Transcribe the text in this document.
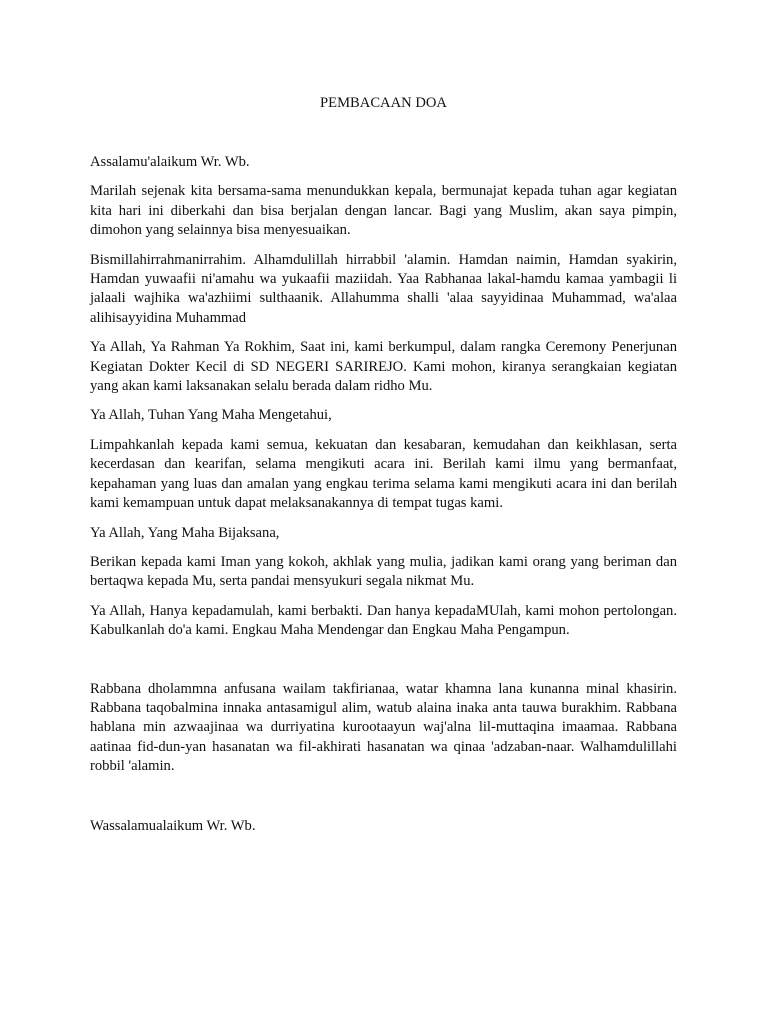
PEMBACAAN DOA

Assalamu'alaikum Wr. Wb.

Marilah sejenak kita bersama-sama menundukkan kepala, bermunajat kepada tuhan agar kegiatan kita hari ini diberkahi dan bisa berjalan dengan lancar. Bagi yang Muslim, akan saya pimpin, dimohon yang selainnya bisa menyesuaikan.

Bismillahirrahmanirrahim. Alhamdulillah hirrabbil 'alamin. Hamdan naimin, Hamdan syakirin, Hamdan yuwaafii ni'amahu wa yukaafii maziidah. Yaa Rabhanaa lakal-hamdu kamaa yambagii li jalaali wajhika wa'azhiimi sulthaanik. Allahumma shalli 'alaa sayyidinaa Muhammad, wa'alaa alihisayyidina Muhammad

Ya Allah, Ya Rahman Ya Rokhim, Saat ini, kami berkumpul, dalam rangka Ceremony Penerjunan Kegiatan Dokter Kecil di SD NEGERI SARIREJO. Kami mohon, kiranya serangkaian kegiatan yang akan kami laksanakan selalu berada dalam ridho Mu.

Ya Allah, Tuhan Yang Maha Mengetahui,

Limpahkanlah kepada kami semua, kekuatan dan kesabaran, kemudahan dan keikhlasan, serta kecerdasan dan kearifan, selama mengikuti acara ini. Berilah kami ilmu yang bermanfaat, kepahaman yang luas dan amalan yang engkau terima selama kami mengikuti acara ini dan berilah kami kemampuan untuk dapat melaksanakannya di tempat tugas kami.

Ya Allah, Yang Maha Bijaksana,

Berikan kepada kami Iman yang kokoh, akhlak yang mulia, jadikan kami orang yang beriman dan bertaqwa kepada Mu, serta pandai mensyukuri segala nikmat Mu.

Ya Allah, Hanya kepadamulah, kami berbakti. Dan hanya kepadaMUlah, kami mohon pertolongan. Kabulkanlah do'a kami. Engkau Maha Mendengar dan Engkau Maha Pengampun.

Rabbana dholammna anfusana wailam takfirianaa, watar khamna lana kunanna minal khasirin. Rabbana taqobalmina innaka antasamigul alim, watub alaina inaka anta tauwa burakhim. Rabbana hablana min azwaajinaa wa durriyatina kurootaayun waj'alna lil-muttaqina imaamaa. Rabbana aatinaa fid-dun-yan hasanatan wa fil-akhirati hasanatan wa qinaa 'adzaban-naar. Walhamdulillahi robbil 'alamin.

Wassalamualaikum Wr. Wb.
